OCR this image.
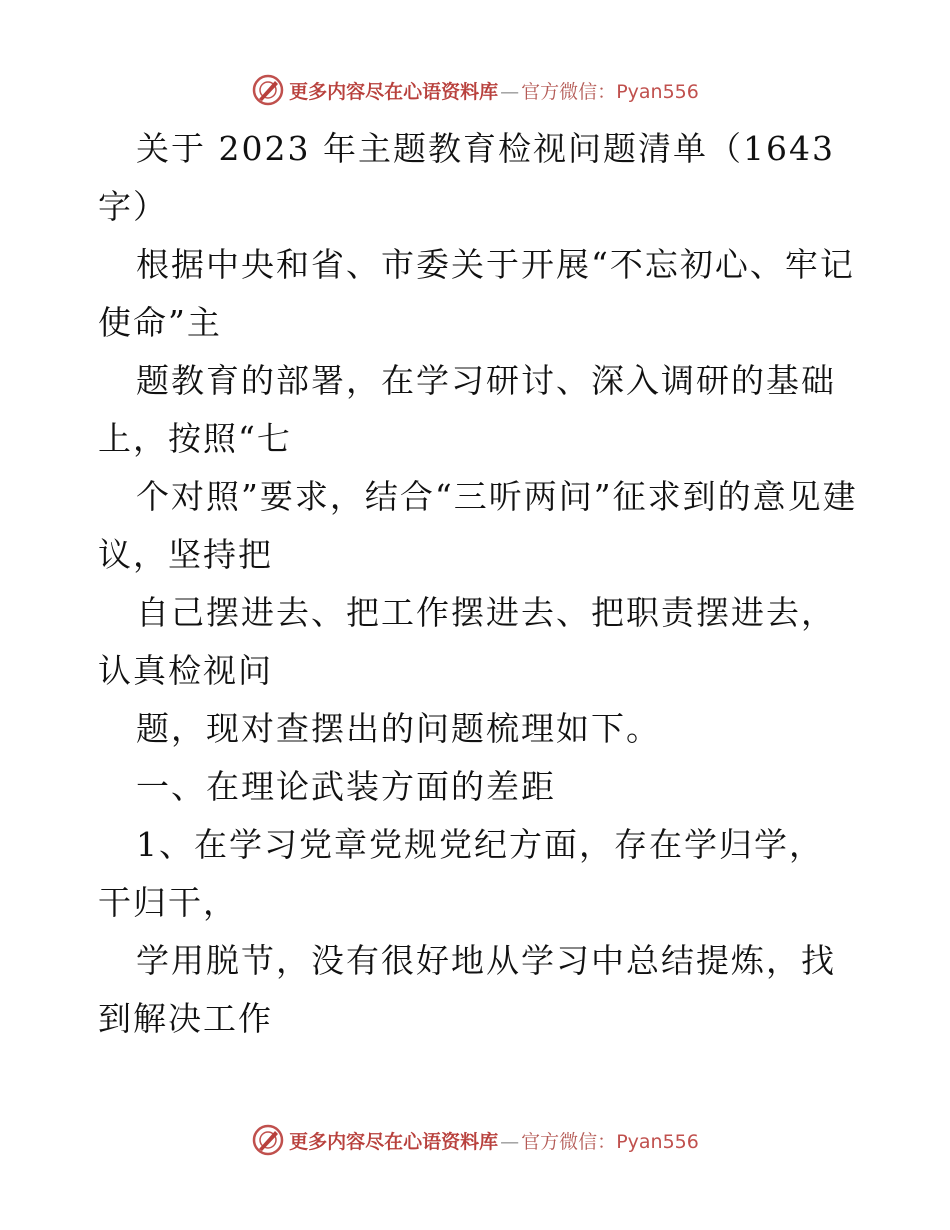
更多内容尽在心语资料库 — 官方微信：Pyan556

关于 2023 年主题教育检视问题清单（1643 字）

根据中央和省、市委关于开展“不忘初心、牢记使命”主

题教育的部署，在学习研讨、深入调研的基础上，按照“七

个对照”要求，结合“三听两问”征求到的意见建议，坚持把

自己摆进去、把工作摆进去、把职责摆进去，认真检视问

题，现对查摆出的问题梳理如下。

一、在理论武装方面的差距

1、在学习党章党规党纪方面，存在学归学，干归干，

学用脱节，没有很好地从学习中总结提炼，找到解决工作

更多内容尽在心语资料库 — 官方微信：Pyan556
